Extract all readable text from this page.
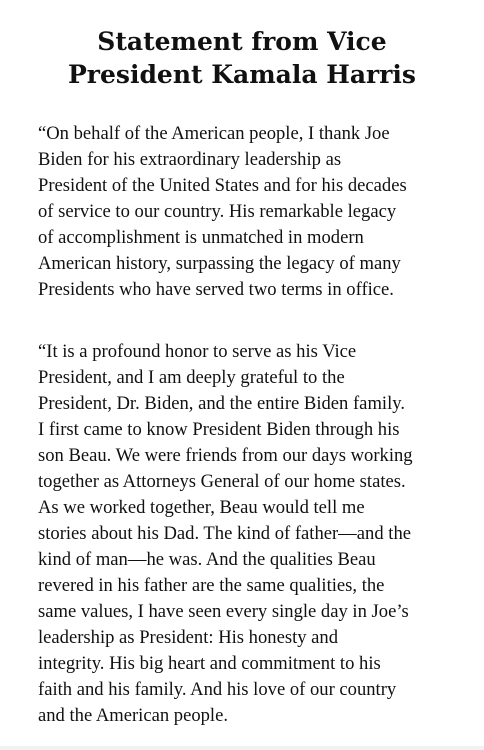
Statement from Vice
President Kamala Harris

“On behalf of the American people, I thank Joe
Biden for his extraordinary leadership as
President of the United States and for his decades
of service to our country. His remarkable legacy
of accomplishment is unmatched in modern
American history, surpassing the legacy of many
Presidents who have served two terms in office.

“It is a profound honor to serve as his Vice
President, and I am deeply grateful to the
President, Dr. Biden, and the entire Biden family.
I first came to know President Biden through his
son Beau. We were friends from our days working
together as Attorneys General of our home states.
As we worked together, Beau would tell me
stories about his Dad. The kind of father—and the
kind of man—he was. And the qualities Beau
revered in his father are the same qualities, the
same values, I have seen every single day in Joe’s
leadership as President: His honesty and
integrity. His big heart and commitment to his
faith and his family. And his love of our country
and the American people.
